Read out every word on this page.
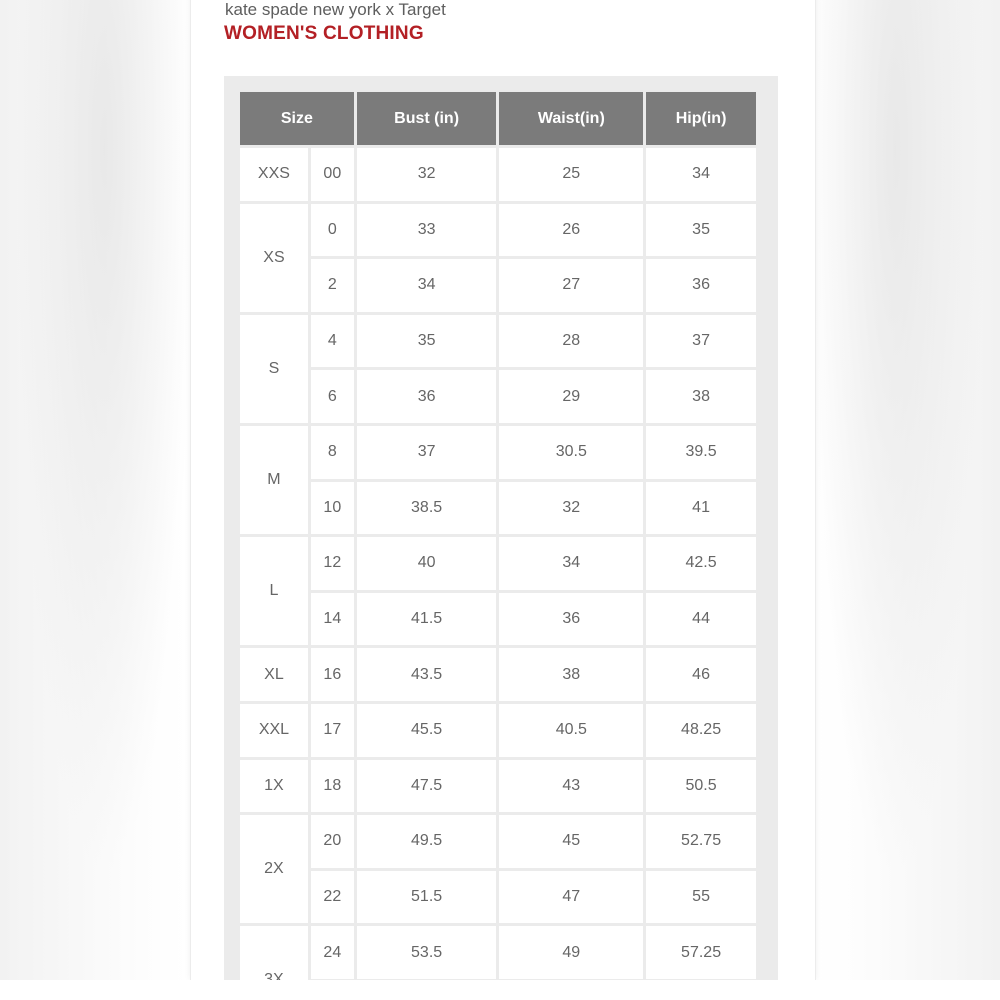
kate spade new york x Target
WOMEN'S CLOTHING
Size		Bust (in)	Waist(in)	Hip(in)
XXS	00	32	25	34
XS	0	33	26	35
	2	34	27	36
S	4	35	28	37
	6	36	29	38
M	8	37	30.5	39.5
	10	38.5	32	41
L	12	40	34	42.5
	14	41.5	36	44
XL	16	43.5	38	46
XXL	17	45.5	40.5	48.25
1X	18	47.5	43	50.5
2X	20	49.5	45	52.75
	22	51.5	47	55
	24	53.5	49	57.25
